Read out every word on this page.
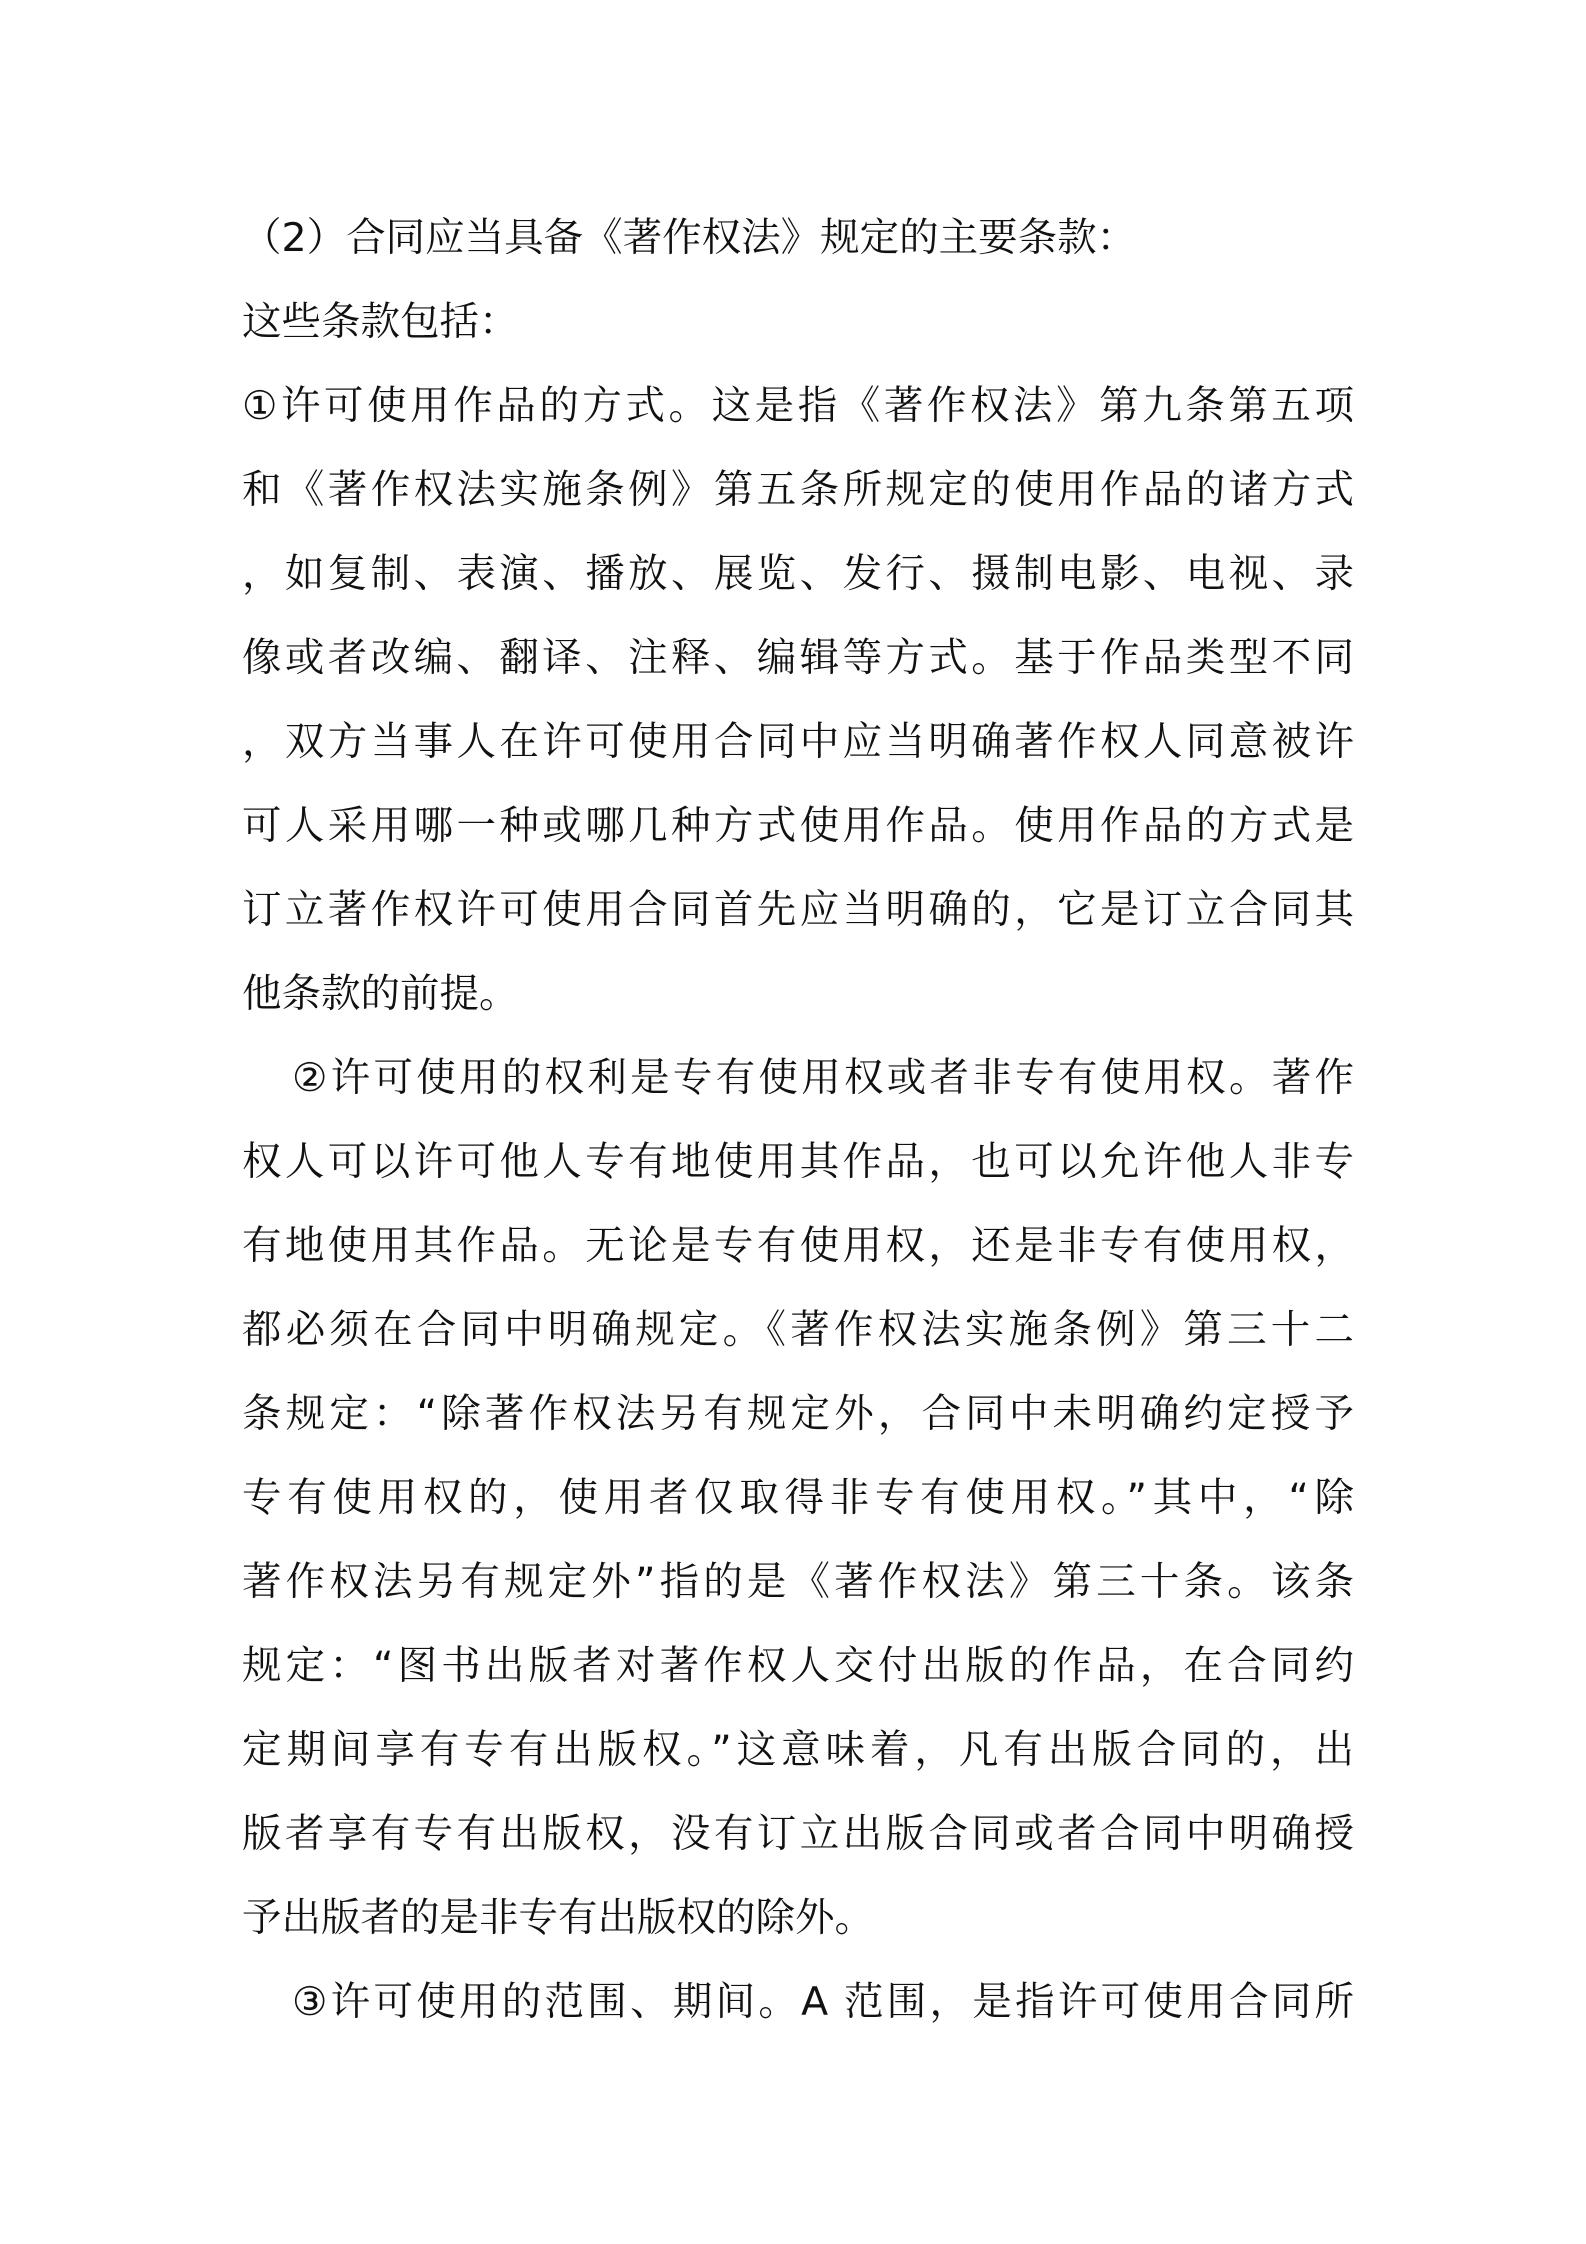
（2）合同应当具备《著作权法》规定的主要条款：
这些条款包括：
①许可使用作品的方式。这是指《著作权法》第九条第五项
和《著作权法实施条例》第五条所规定的使用作品的诸方式
，如复制、表演、播放、展览、发行、摄制电影、电视、录
像或者改编、翻译、注释、编辑等方式。基于作品类型不同
，双方当事人在许可使用合同中应当明确著作权人同意被许
可人采用哪一种或哪几种方式使用作品。使用作品的方式是
订立著作权许可使用合同首先应当明确的，它是订立合同其
他条款的前提。
②许可使用的权利是专有使用权或者非专有使用权。著作
权人可以许可他人专有地使用其作品，也可以允许他人非专
有地使用其作品。无论是专有使用权，还是非专有使用权，
都必须在合同中明确规定。《著作权法实施条例》第三十二
条规定：“除著作权法另有规定外，合同中未明确约定授予
专有使用权的，使用者仅取得非专有使用权。”其中，“除
著作权法另有规定外”指的是《著作权法》第三十条。该条
规定：“图书出版者对著作权人交付出版的作品，在合同约
定期间享有专有出版权。”这意味着，凡有出版合同的，出
版者享有专有出版权，没有订立出版合同或者合同中明确授
予出版者的是非专有出版权的除外。
③许可使用的范围、期间。A 范围，是指许可使用合同所
